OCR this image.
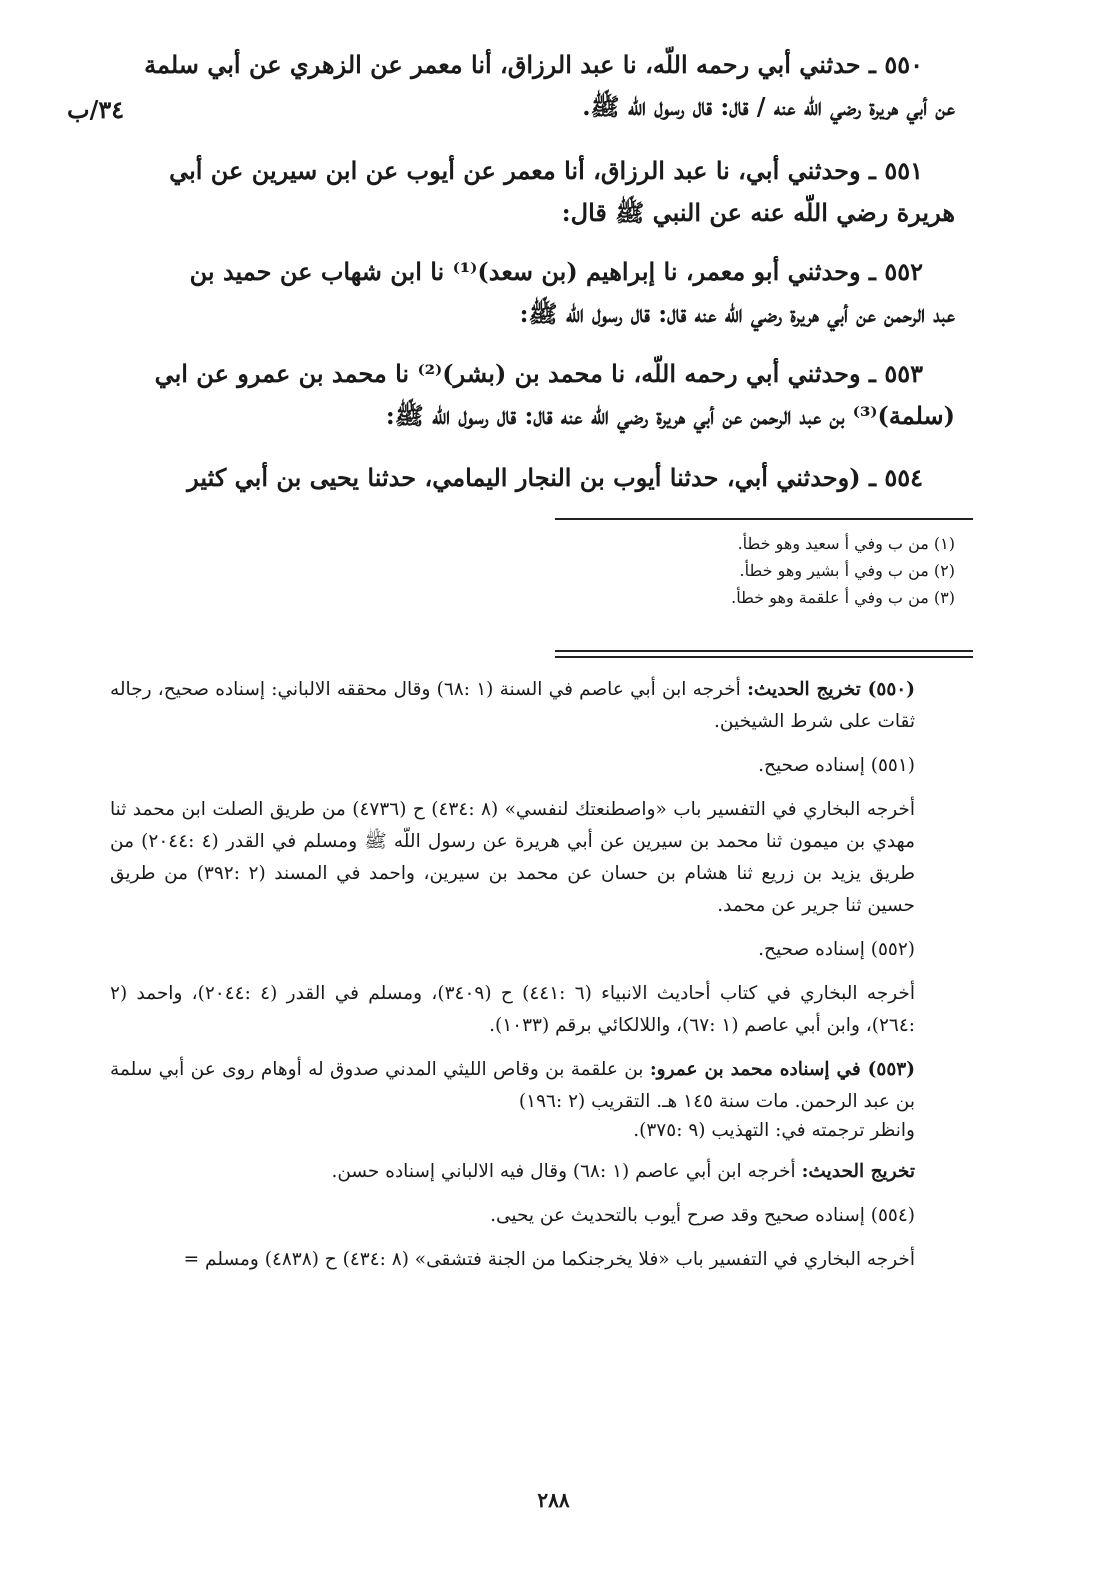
٥٥٠ ـ حدثني أبي رحمه اللّه، نا عبد الرزاق، أنا معمر عن الزهري عن أبي سلمة

عن أبي هريرة رضي اللّه عنه / قال: قال رسول اللّه ﷺ.

٣٤/ب

٥٥١ ـ وحدثني أبي، نا عبد الرزاق، أنا معمر عن أيوب عن ابن سيرين عن أبي

هريرة رضي اللّه عنه عن النبي ﷺ قال:

٥٥٢ ـ وحدثني أبو معمر، نا إبراهيم (بن سعد)⁽¹⁾ نا ابن شهاب عن حميد بن

عبد الرحمن عن أبي هريرة رضي اللّه عنه قال: قال رسول اللّه ﷺ:

٥٥٣ ـ وحدثني أبي رحمه اللّه، نا محمد بن (بشر)⁽²⁾ نا محمد بن عمرو عن ابي

(سلمة)⁽³⁾ بن عبد الرحمن عن أبي هريرة رضي اللّه عنه قال: قال رسول اللّه ﷺ:

٥٥٤ ـ (وحدثني أبي، حدثنا أيوب بن النجار اليمامي، حدثنا يحيى بن أبي كثير

(١) من ب وفي أ سعيد وهو خطأ.
(٢) من ب وفي أ بشير وهو خطأ.
(٣) من ب وفي أ علقمة وهو خطأ.

(٥٥٠) تخريج الحديث: أخرجه ابن أبي عاصم في السنة (١ :٦٨) وقال محققه الالباني: إسناده صحيح، رجاله ثقات على شرط الشيخين.

(٥٥١) إسناده صحيح.

أخرجه البخاري في التفسير باب «واصطنعتك لنفسي» (٨ :٤٣٤) ح (٤٧٣٦) من طريق الصلت ابن محمد ثنا مهدي بن ميمون ثنا محمد بن سيرين عن أبي هريرة عن رسول اللّه ﷺ ومسلم في القدر (٤ :٢٠٤٤) من طريق يزيد بن زريع ثنا هشام بن حسان عن محمد بن سيرين، واحمد في المسند (٢ :٣٩٢) من طريق حسين ثنا جرير عن محمد.

(٥٥٢) إسناده صحيح.

أخرجه البخاري في كتاب أحاديث الانبياء (٦ :٤٤١) ح (٣٤٠٩)، ومسلم في القدر (٤ :٢٠٤٤)، واحمد (٢ :٢٦٤)، وابن أبي عاصم (١ :٦٧)، واللالكائي برقم (١٠٣٣).

(٥٥٣) في إسناده محمد بن عمرو: بن علقمة بن وقاص الليثي المدني صدوق له أوهام روى عن أبي سلمة بن عبد الرحمن. مات سنة ١٤٥ هـ. التقريب (٢ :١٩٦)

وانظر ترجمته في: التهذيب (٩ :٣٧٥).

تخريج الحديث: أخرجه ابن أبي عاصم (١ :٦٨) وقال فيه الالباني إسناده حسن.

(٥٥٤) إسناده صحيح وقد صرح أيوب بالتحديث عن يحيى.

أخرجه البخاري في التفسير باب «فلا يخرجنكما من الجنة فتشقى» (٨ :٤٣٤) ح (٤٨٣٨) ومسلم =

٢٨٨
